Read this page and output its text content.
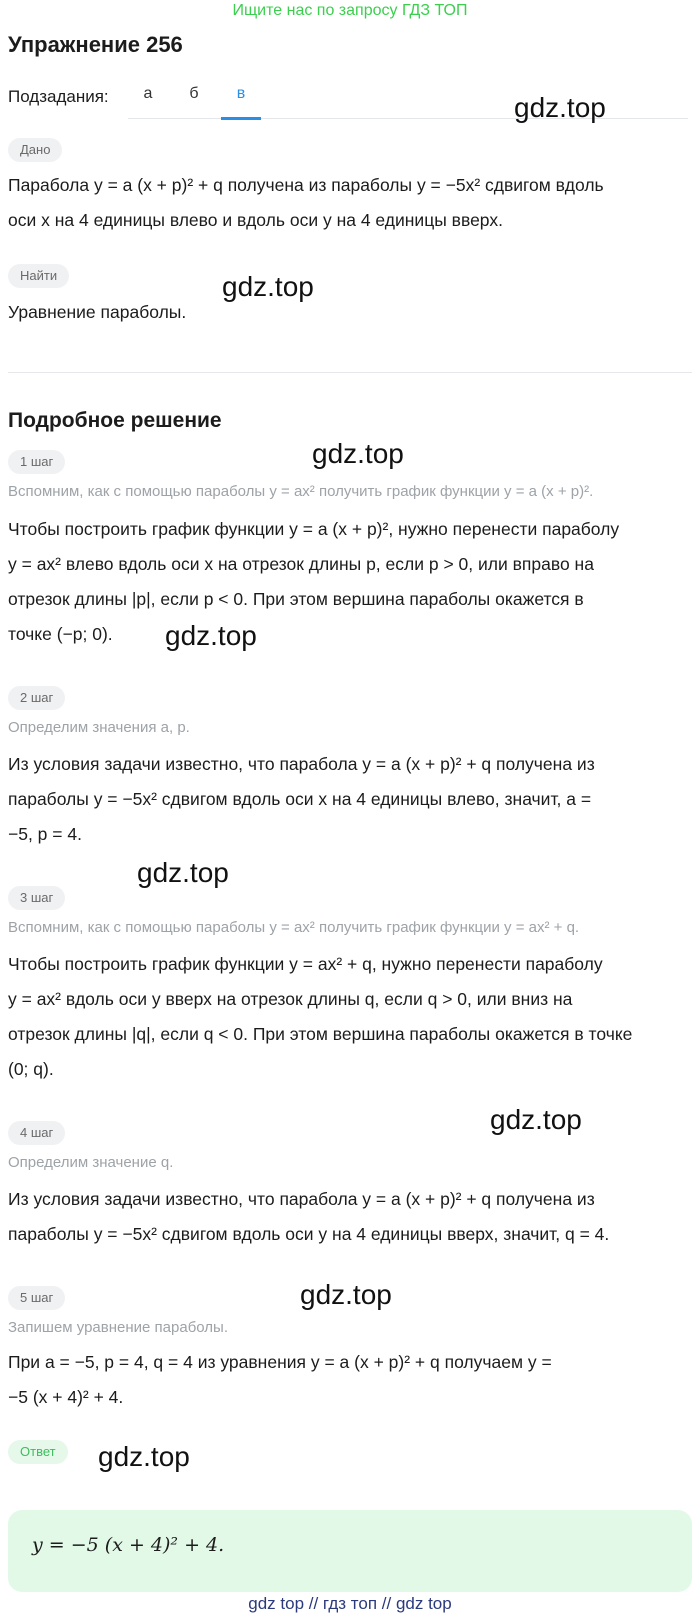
Ищите нас по запросу ГДЗ ТОП
Упражнение 256
Подзадания:	а	б	в	gdz.top
Дано
Парабола y = a (x + p)² + q получена из параболы y = −5x² сдвигом вдоль
оси x на 4 единицы влево и вдоль оси y на 4 единицы вверх.
Найти	gdz.top
Уравнение параболы.
Подробное решение
1 шаг	gdz.top
Вспомним, как с помощью параболы y = ax² получить график функции y = a (x + p)².
Чтобы построить график функции y = a (x + p)², нужно перенести параболу
y = ax² влево вдоль оси x на отрезок длины p, если p > 0, или вправо на
отрезок длины |p|, если p < 0. При этом вершина параболы окажется в
точке (−p; 0).	gdz.top
2 шаг
Определим значения a, p.
Из условия задачи известно, что парабола y = a (x + p)² + q получена из
параболы y = −5x² сдвигом вдоль оси x на 4 единицы влево, значит, a =
−5, p = 4.
gdz.top
3 шаг
Вспомним, как с помощью параболы y = ax² получить график функции y = ax² + q.
Чтобы построить график функции y = ax² + q, нужно перенести параболу
y = ax² вдоль оси y вверх на отрезок длины q, если q > 0, или вниз на
отрезок длины |q|, если q < 0. При этом вершина параболы окажется в точке
(0; q).
gdz.top
4 шаг
Определим значение q.
Из условия задачи известно, что парабола y = a (x + p)² + q получена из
параболы y = −5x² сдвигом вдоль оси y на 4 единицы вверх, значит, q = 4.
gdz.top
5 шаг
Запишем уравнение параболы.
При a = −5, p = 4, q = 4 из уравнения y = a (x + p)² + q получаем y =
−5 (x + 4)² + 4.
Ответ	gdz.top
y = −5 (x + 4)² + 4.
gdz top // гдз топ // gdz top
